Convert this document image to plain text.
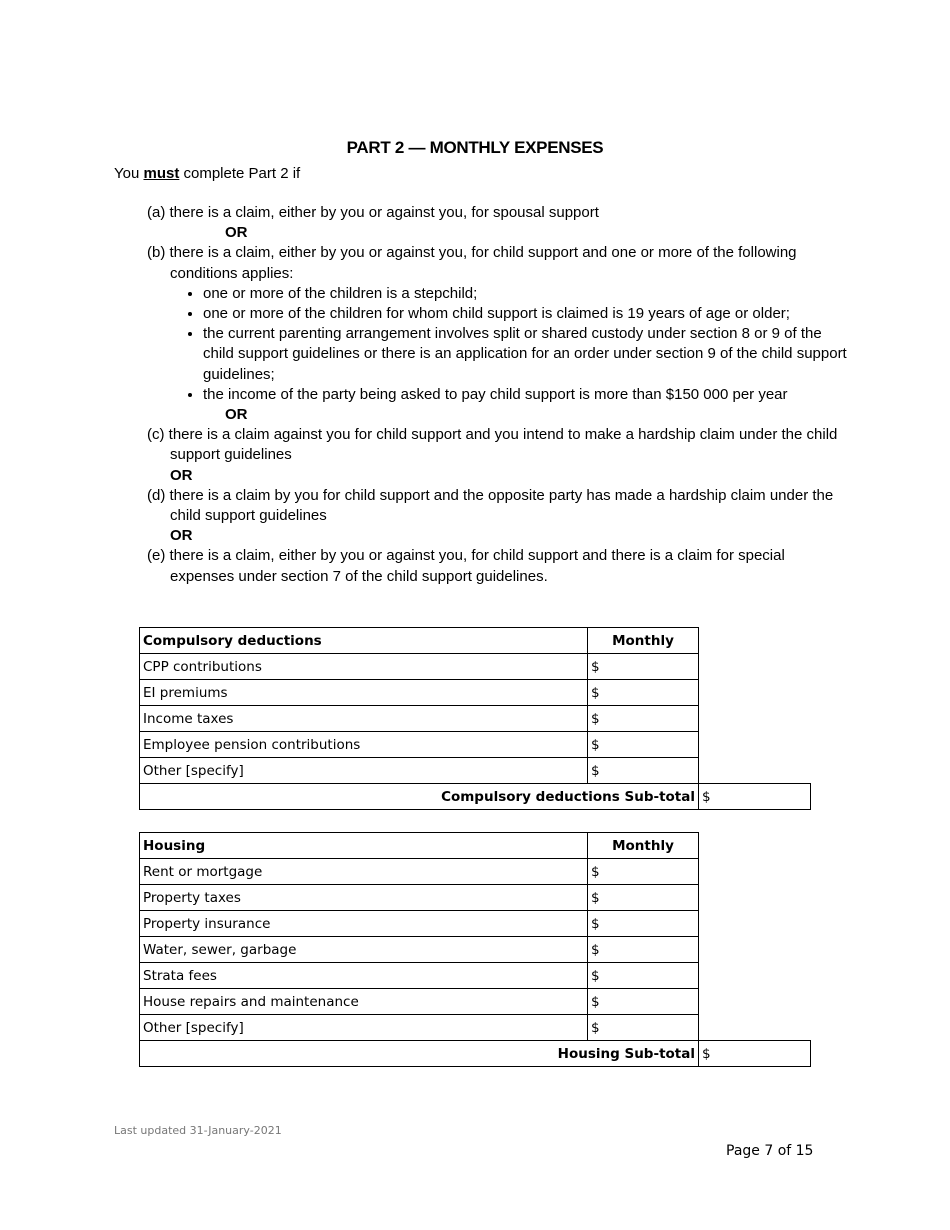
PART 2 — MONTHLY EXPENSES
You must complete Part 2 if
(a) there is a claim, either by you or against you, for spousal support
OR
(b) there is a claim, either by you or against you, for child support and one or more of the following conditions applies:
• one or more of the children is a stepchild;
• one or more of the children for whom child support is claimed is 19 years of age or older;
• the current parenting arrangement involves split or shared custody under section 8 or 9 of the child support guidelines or there is an application for an order under section 9 of the child support guidelines;
• the income of the party being asked to pay child support is more than $150 000 per year
OR
(c) there is a claim against you for child support and you intend to make a hardship claim under the child support guidelines
OR
(d) there is a claim by you for child support and the opposite party has made a hardship claim under the child support guidelines
OR
(e) there is a claim, either by you or against you, for child support and there is a claim for special expenses under section 7 of the child support guidelines.
Compulsory deductions	Monthly	
CPP contributions	$	
EI premiums	$	
Income taxes	$	
Employee pension contributions	$	
Other [specify]	$	
Compulsory deductions Sub-total		$
Housing	Monthly	
Rent or mortgage	$	
Property taxes	$	
Property insurance	$	
Water, sewer, garbage	$	
Strata fees	$	
House repairs and maintenance	$	
Other [specify]	$	
Housing Sub-total		$
Last updated 31-January-2021
Page 7 of 15
